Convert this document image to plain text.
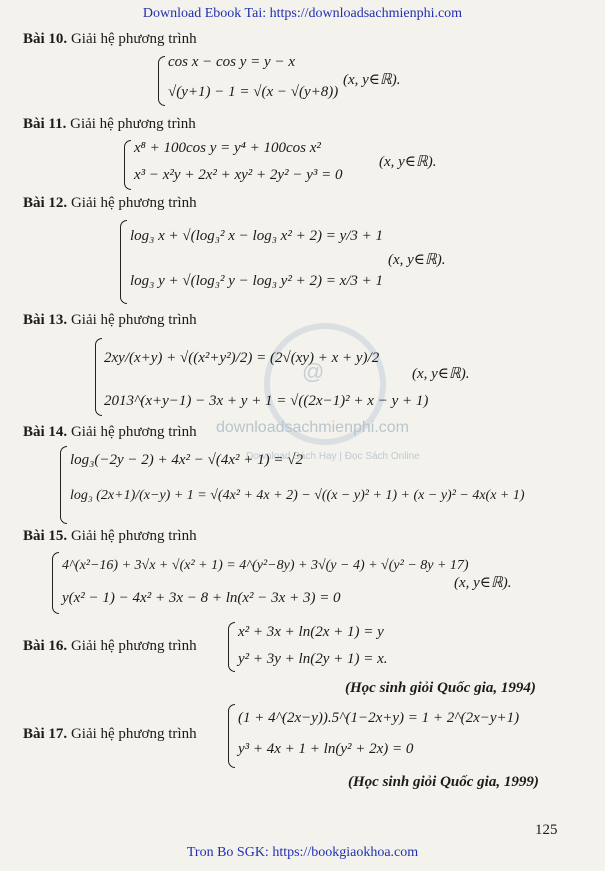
Download Ebook Tai: https://downloadsachmienphi.com
@
downloadsachmienphi.com
Download Sách Hay | Đọc Sách Online
Bài 10. Giải hệ phương trình
cos x − cos y = y − x
√(y+1) − 1 = √(x − √(y+8))
(x, y∈ℝ).
Bài 11. Giải hệ phương trình
x⁸ + 100cos y = y⁴ + 100cos x²
x³ − x²y + 2x² + xy² + 2y² − y³ = 0
(x, y∈ℝ).
Bài 12. Giải hệ phương trình
log₃ x + √(log₃² x − log₃ x² + 2) = y/3 + 1
log₃ y + √(log₃² y − log₃ y² + 2) = x/3 + 1
(x, y∈ℝ).
Bài 13. Giải hệ phương trình
2xy/(x+y) + √((x²+y²)/2) = (2√(xy) + x + y)/2
2013^(x+y−1) − 3x + y + 1 = √((2x−1)² + x − y + 1)
(x, y∈ℝ).
Bài 14. Giải hệ phương trình
log₃(−2y − 2) + 4x² − √(4x² + 1) = √2
log₃ (2x+1)/(x−y) + 1 = √(4x² + 4x + 2) − √((x − y)² + 1) + (x − y)² − 4x(x + 1)
Bài 15. Giải hệ phương trình
4^(x²−16) + 3√x + √(x² + 1) = 4^(y²−8y) + 3√(y − 4) + √(y² − 8y + 17)
y(x² − 1) − 4x² + 3x − 8 + ln(x² − 3x + 3) = 0
(x, y∈ℝ).
Bài 16. Giải hệ phương trình
x² + 3x + ln(2x + 1) = y
y² + 3y + ln(2y + 1) = x.
(Học sinh giỏi Quốc gia, 1994)
Bài 17. Giải hệ phương trình
(1 + 4^(2x−y)).5^(1−2x+y) = 1 + 2^(2x−y+1)
y³ + 4x + 1 + ln(y² + 2x) = 0
(Học sinh giỏi Quốc gia, 1999)
125
Tron Bo SGK: https://bookgiaokhoa.com
